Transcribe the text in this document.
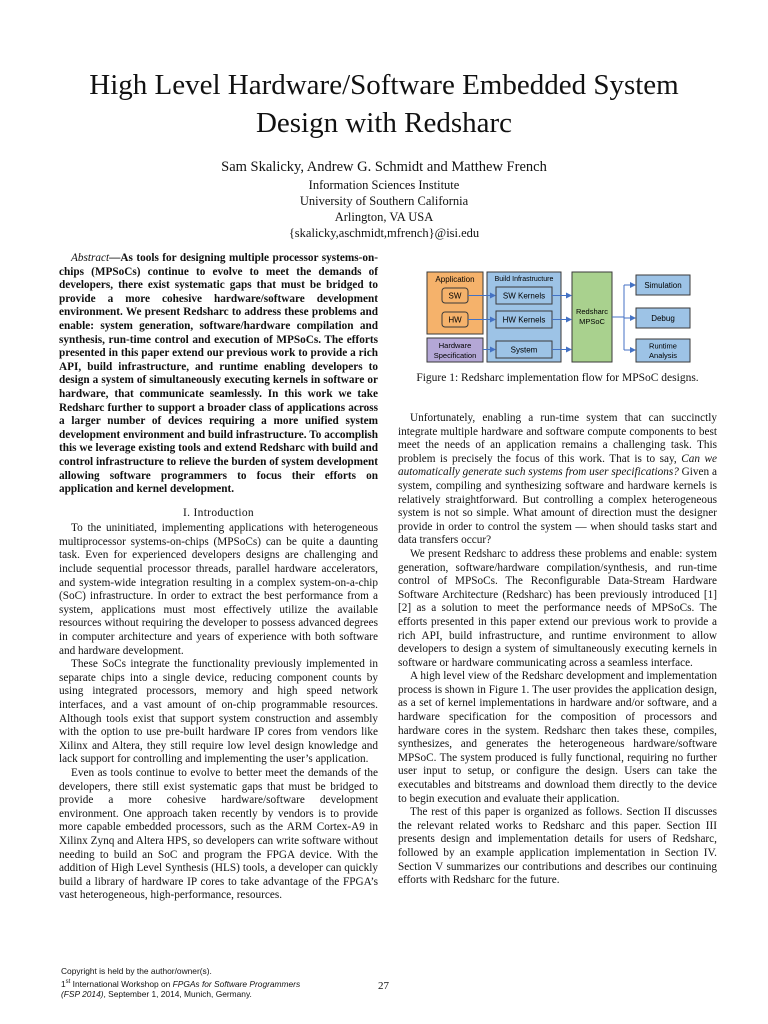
High Level Hardware/Software Embedded System
Design with Redsharc
Sam Skalicky, Andrew G. Schmidt and Matthew French
Information Sciences Institute
University of Southern California
Arlington, VA USA
{skalicky,aschmidt,mfrench}@isi.edu

Abstract—As tools for designing multiple processor systems-on-chips (MPSoCs) continue to evolve to meet the demands of developers, there exist systematic gaps that must be bridged to provide a more cohesive hardware/software development environment. We present Redsharc to address these problems and enable: system generation, software/hardware compilation and synthesis, run-time control and execution of MPSoCs. The efforts presented in this paper extend our previous work to provide a rich API, build infrastructure, and runtime enabling developers to design a system of simultaneously executing kernels in software or hardware, that communicate seamlessly. In this work we take Redsharc further to support a broader class of applications across a larger number of devices requiring a more unified system development environment and build infrastructure. To accomplish this we leverage existing tools and extend Redsharc with build and control infrastructure to relieve the burden of system development allowing software programmers to focus their efforts on application and kernel development.

I. Introduction

To the uninitiated, implementing applications with heterogeneous multiprocessor systems-on-chips (MPSoCs) can be quite a daunting task. Even for experienced developers designs are challenging and include sequential processor threads, parallel hardware accelerators, and system-wide integration resulting in a complex system-on-a-chip (SoC) infrastructure. In order to extract the best performance from a system, applications must most effectively utilize the available resources without requiring the developer to possess advanced degrees in computer architecture and years of experience with both software and hardware development.

These SoCs integrate the functionality previously implemented in separate chips into a single device, reducing component counts by using integrated processors, memory and high speed network interfaces, and a vast amount of on-chip programmable resources. Although tools exist that support system construction and assembly with the option to use pre-built hardware IP cores from vendors like Xilinx and Altera, they still require low level design knowledge and lack support for controlling and implementing the user’s application.

Even as tools continue to evolve to better meet the demands of the developers, there still exist systematic gaps that must be bridged to provide a more cohesive hardware/software development environment. One approach taken recently by vendors is to provide more capable embedded processors, such as the ARM Cortex-A9 in Xilinx Zynq and Altera HPS, so developers can write software without needing to build an SoC and program the FPGA device. With the addition of High Level Synthesis (HLS) tools, a developer can quickly build a library of hardware IP cores to take advantage of the FPGA’s vast heterogeneous, high-performance, resources.

Application
SW
HW
Hardware
Specification
Build Infrastructure
SW Kernels
HW Kernels
System
Redsharc
MPSoC
Simulation
Debug
Runtime
Analysis
Figure 1: Redsharc implementation flow for MPSoC designs.

Unfortunately, enabling a run-time system that can succinctly integrate multiple hardware and software compute components to best meet the needs of an application remains a challenging task. This problem is precisely the focus of this work. That is to say, Can we automatically generate such systems from user specifications? Given a system, compiling and synthesizing software and hardware kernels is relatively straightforward. But controlling a complex heterogeneous system is not so simple. What amount of direction must the designer provide in order to control the system — when should tasks start and data transfers occur?

We present Redsharc to address these problems and enable: system generation, software/hardware compilation/synthesis, and run-time control of MPSoCs. The Reconfigurable Data-Stream Hardware Software Architecture (Redsharc) has been previously introduced [1][2] as a solution to meet the performance needs of MPSoCs. The efforts presented in this paper extend our previous work to provide a rich API, build infrastructure, and runtime environment to allow developers to design a system of simultaneously executing kernels in software or hardware communicating across a seamless interface.

A high level view of the Redsharc development and implementation process is shown in Figure 1. The user provides the application design, as a set of kernel implementations in hardware and/or software, and a hardware specification for the composition of processors and hardware cores in the system. Redsharc then takes these, compiles, synthesizes, and generates the heterogeneous hardware/software MPSoC. The system produced is fully functional, requiring no further user input to setup, or configure the design. Users can take the executables and bitstreams and download them directly to the device to begin execution and evaluate their application.

The rest of this paper is organized as follows. Section II discusses the relevant related works to Redsharc and this paper. Section III presents design and implementation details for users of Redsharc, followed by an example application implementation in Section IV. Section V summarizes our contributions and describes our continuing efforts with Redsharc for the future.

Copyright is held by the author/owner(s).
1st International Workshop on FPGAs for Software Programmers
(FSP 2014), September 1, 2014, Munich, Germany.
27
